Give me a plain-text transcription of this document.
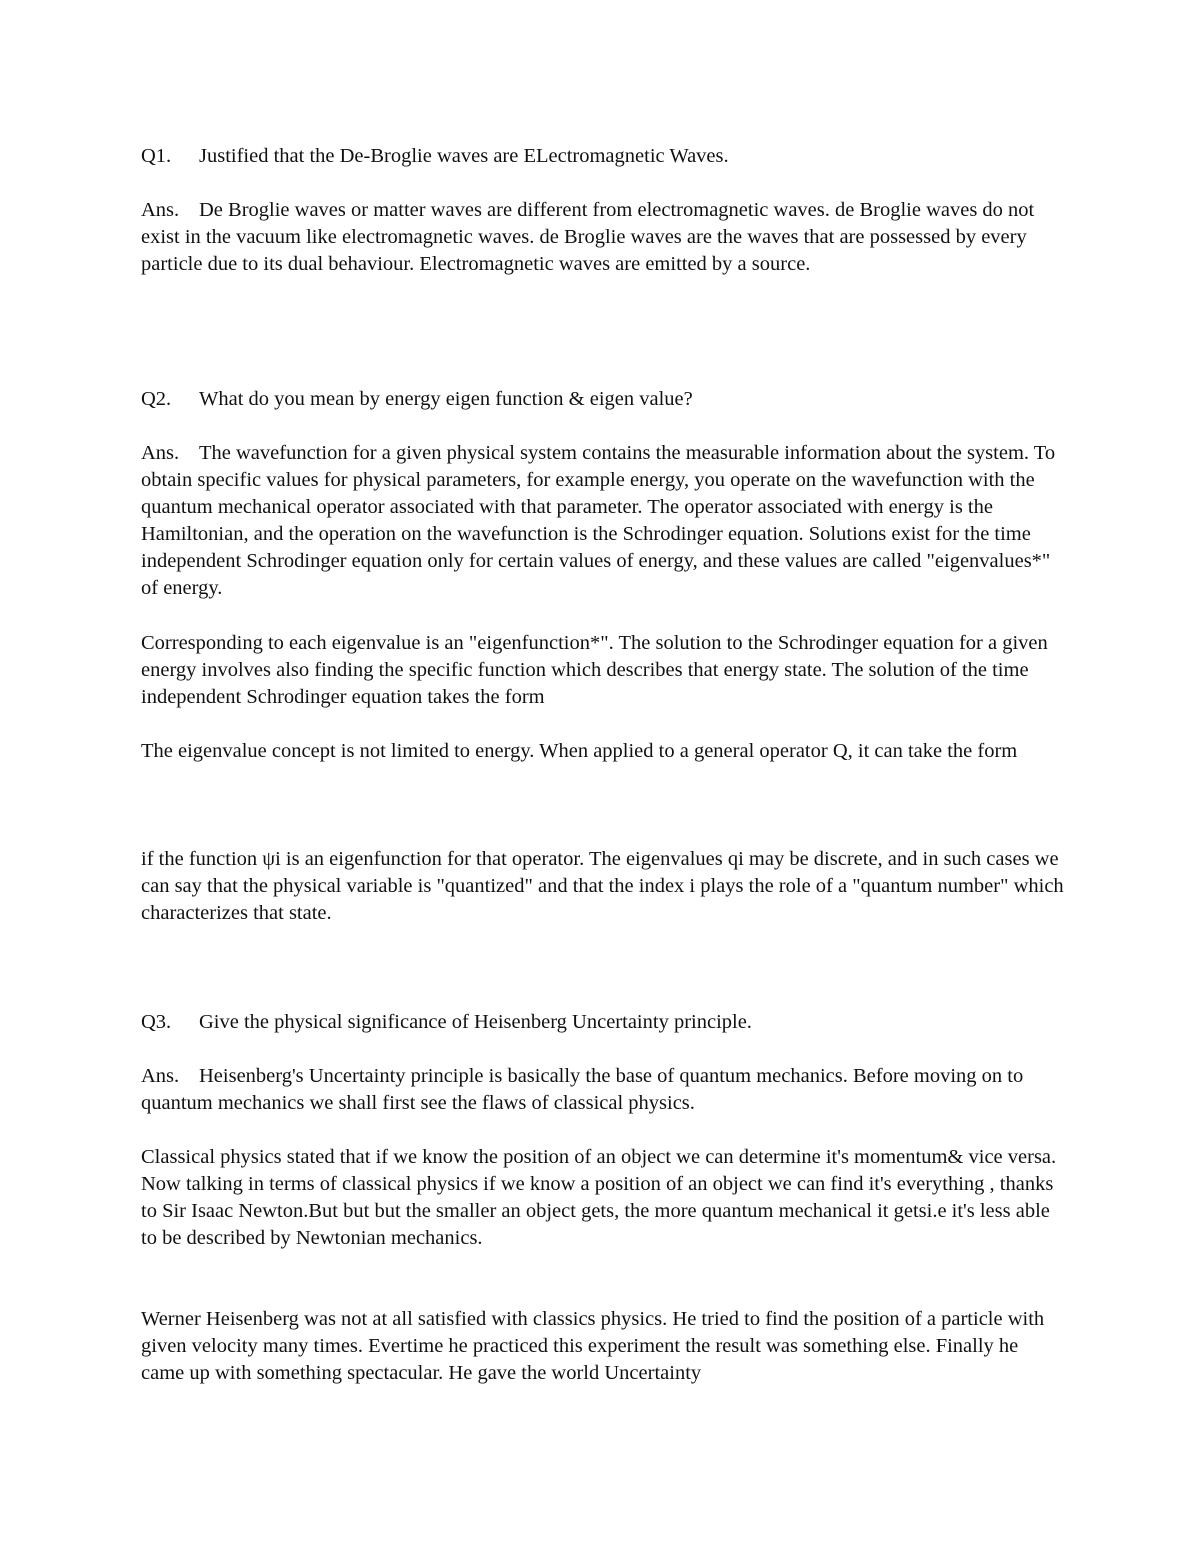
Q1. Justified that the De-Broglie waves are ELectromagnetic Waves.

Ans. De Broglie waves or matter waves are different from electromagnetic waves. de Broglie waves do not exist in the vacuum like electromagnetic waves. de Broglie waves are the waves that are possessed by every particle due to its dual behaviour. Electromagnetic waves are emitted by a source.

Q2. What do you mean by energy eigen function & eigen value?

Ans. The wavefunction for a given physical system contains the measurable information about the system. To obtain specific values for physical parameters, for example energy, you operate on the wavefunction with the quantum mechanical operator associated with that parameter. The operator associated with energy is the Hamiltonian, and the operation on the wavefunction is the Schrodinger equation. Solutions exist for the time independent Schrodinger equation only for certain values of energy, and these values are called "eigenvalues*" of energy.

Corresponding to each eigenvalue is an "eigenfunction*". The solution to the Schrodinger equation for a given energy involves also finding the specific function which describes that energy state. The solution of the time independent Schrodinger equation takes the form

The eigenvalue concept is not limited to energy. When applied to a general operator Q, it can take the form

if the function ψi is an eigenfunction for that operator. The eigenvalues qi may be discrete, and in such cases we can say that the physical variable is "quantized" and that the index i plays the role of a "quantum number" which characterizes that state.

Q3. Give the physical significance of Heisenberg Uncertainty principle.

Ans. Heisenberg's Uncertainty principle is basically the base of quantum mechanics. Before moving on to quantum mechanics we shall first see the flaws of classical physics.

Classical physics stated that if we know the position of an object we can determine it's momentum& vice versa. Now talking in terms of classical physics if we know a position of an object we can find it's everything , thanks to Sir Isaac Newton.But but but the smaller an object gets, the more quantum mechanical it getsi.e it's less able to be described by Newtonian mechanics.

Werner Heisenberg was not at all satisfied with classics physics. He tried to find the position of a particle with given velocity many times. Evertime he practiced this experiment the result was something else. Finally he came up with something spectacular. He gave the world Uncertainty
